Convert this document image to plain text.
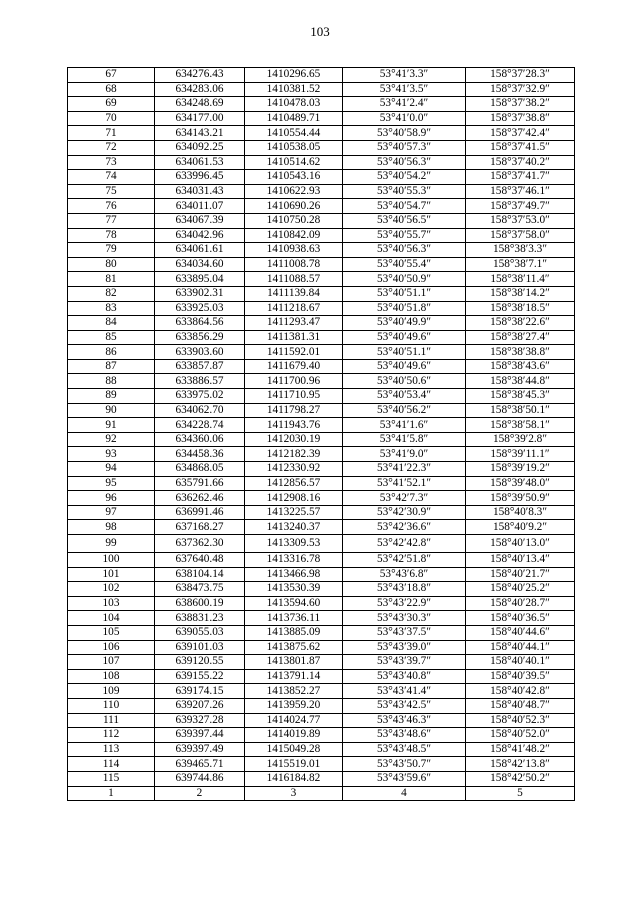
103
67	634276.43	1410296.65	53°41′3.3″	158°37′28.3″
68	634283.06	1410381.52	53°41′3.5″	158°37′32.9″
69	634248.69	1410478.03	53°41′2.4″	158°37′38.2″
70	634177.00	1410489.71	53°41′0.0″	158°37′38.8″
71	634143.21	1410554.44	53°40′58.9″	158°37′42.4″
72	634092.25	1410538.05	53°40′57.3″	158°37′41.5″
73	634061.53	1410514.62	53°40′56.3″	158°37′40.2″
74	633996.45	1410543.16	53°40′54.2″	158°37′41.7″
75	634031.43	1410622.93	53°40′55.3″	158°37′46.1″
76	634011.07	1410690.26	53°40′54.7″	158°37′49.7″
77	634067.39	1410750.28	53°40′56.5″	158°37′53.0″
78	634042.96	1410842.09	53°40′55.7″	158°37′58.0″
79	634061.61	1410938.63	53°40′56.3″	158°38′3.3″
80	634034.60	1411008.78	53°40′55.4″	158°38′7.1″
81	633895.04	1411088.57	53°40′50.9″	158°38′11.4″
82	633902.31	1411139.84	53°40′51.1″	158°38′14.2″
83	633925.03	1411218.67	53°40′51.8″	158°38′18.5″
84	633864.56	1411293.47	53°40′49.9″	158°38′22.6″
85	633856.29	1411381.31	53°40′49.6″	158°38′27.4″
86	633903.60	1411592.01	53°40′51.1″	158°38′38.8″
87	633857.87	1411679.40	53°40′49.6″	158°38′43.6″
88	633886.57	1411700.96	53°40′50.6″	158°38′44.8″
89	633975.02	1411710.95	53°40′53.4″	158°38′45.3″
90	634062.70	1411798.27	53°40′56.2″	158°38′50.1″
91	634228.74	1411943.76	53°41′1.6″	158°38′58.1″
92	634360.06	1412030.19	53°41′5.8″	158°39′2.8″
93	634458.36	1412182.39	53°41′9.0″	158°39′11.1″
94	634868.05	1412330.92	53°41′22.3″	158°39′19.2″
95	635791.66	1412856.57	53°41′52.1″	158°39′48.0″
96	636262.46	1412908.16	53°42′7.3″	158°39′50.9″
97	636991.46	1413225.57	53°42′30.9″	158°40′8.3″
98	637168.27	1413240.37	53°42′36.6″	158°40′9.2″
99	637362.30	1413309.53	53°42′42.8″	158°40′13.0″
100	637640.48	1413316.78	53°42′51.8″	158°40′13.4″
101	638104.14	1413466.98	53°43′6.8″	158°40′21.7″
102	638473.75	1413530.39	53°43′18.8″	158°40′25.2″
103	638600.19	1413594.60	53°43′22.9″	158°40′28.7″
104	638831.23	1413736.11	53°43′30.3″	158°40′36.5″
105	639055.03	1413885.09	53°43′37.5″	158°40′44.6″
106	639101.03	1413875.62	53°43′39.0″	158°40′44.1″
107	639120.55	1413801.87	53°43′39.7″	158°40′40.1″
108	639155.22	1413791.14	53°43′40.8″	158°40′39.5″
109	639174.15	1413852.27	53°43′41.4″	158°40′42.8″
110	639207.26	1413959.20	53°43′42.5″	158°40′48.7″
111	639327.28	1414024.77	53°43′46.3″	158°40′52.3″
112	639397.44	1414019.89	53°43′48.6″	158°40′52.0″
113	639397.49	1415049.28	53°43′48.5″	158°41′48.2″
114	639465.71	1415519.01	53°43′50.7″	158°42′13.8″
115	639744.86	1416184.82	53°43′59.6″	158°42′50.2″
1	2	3	4	5
